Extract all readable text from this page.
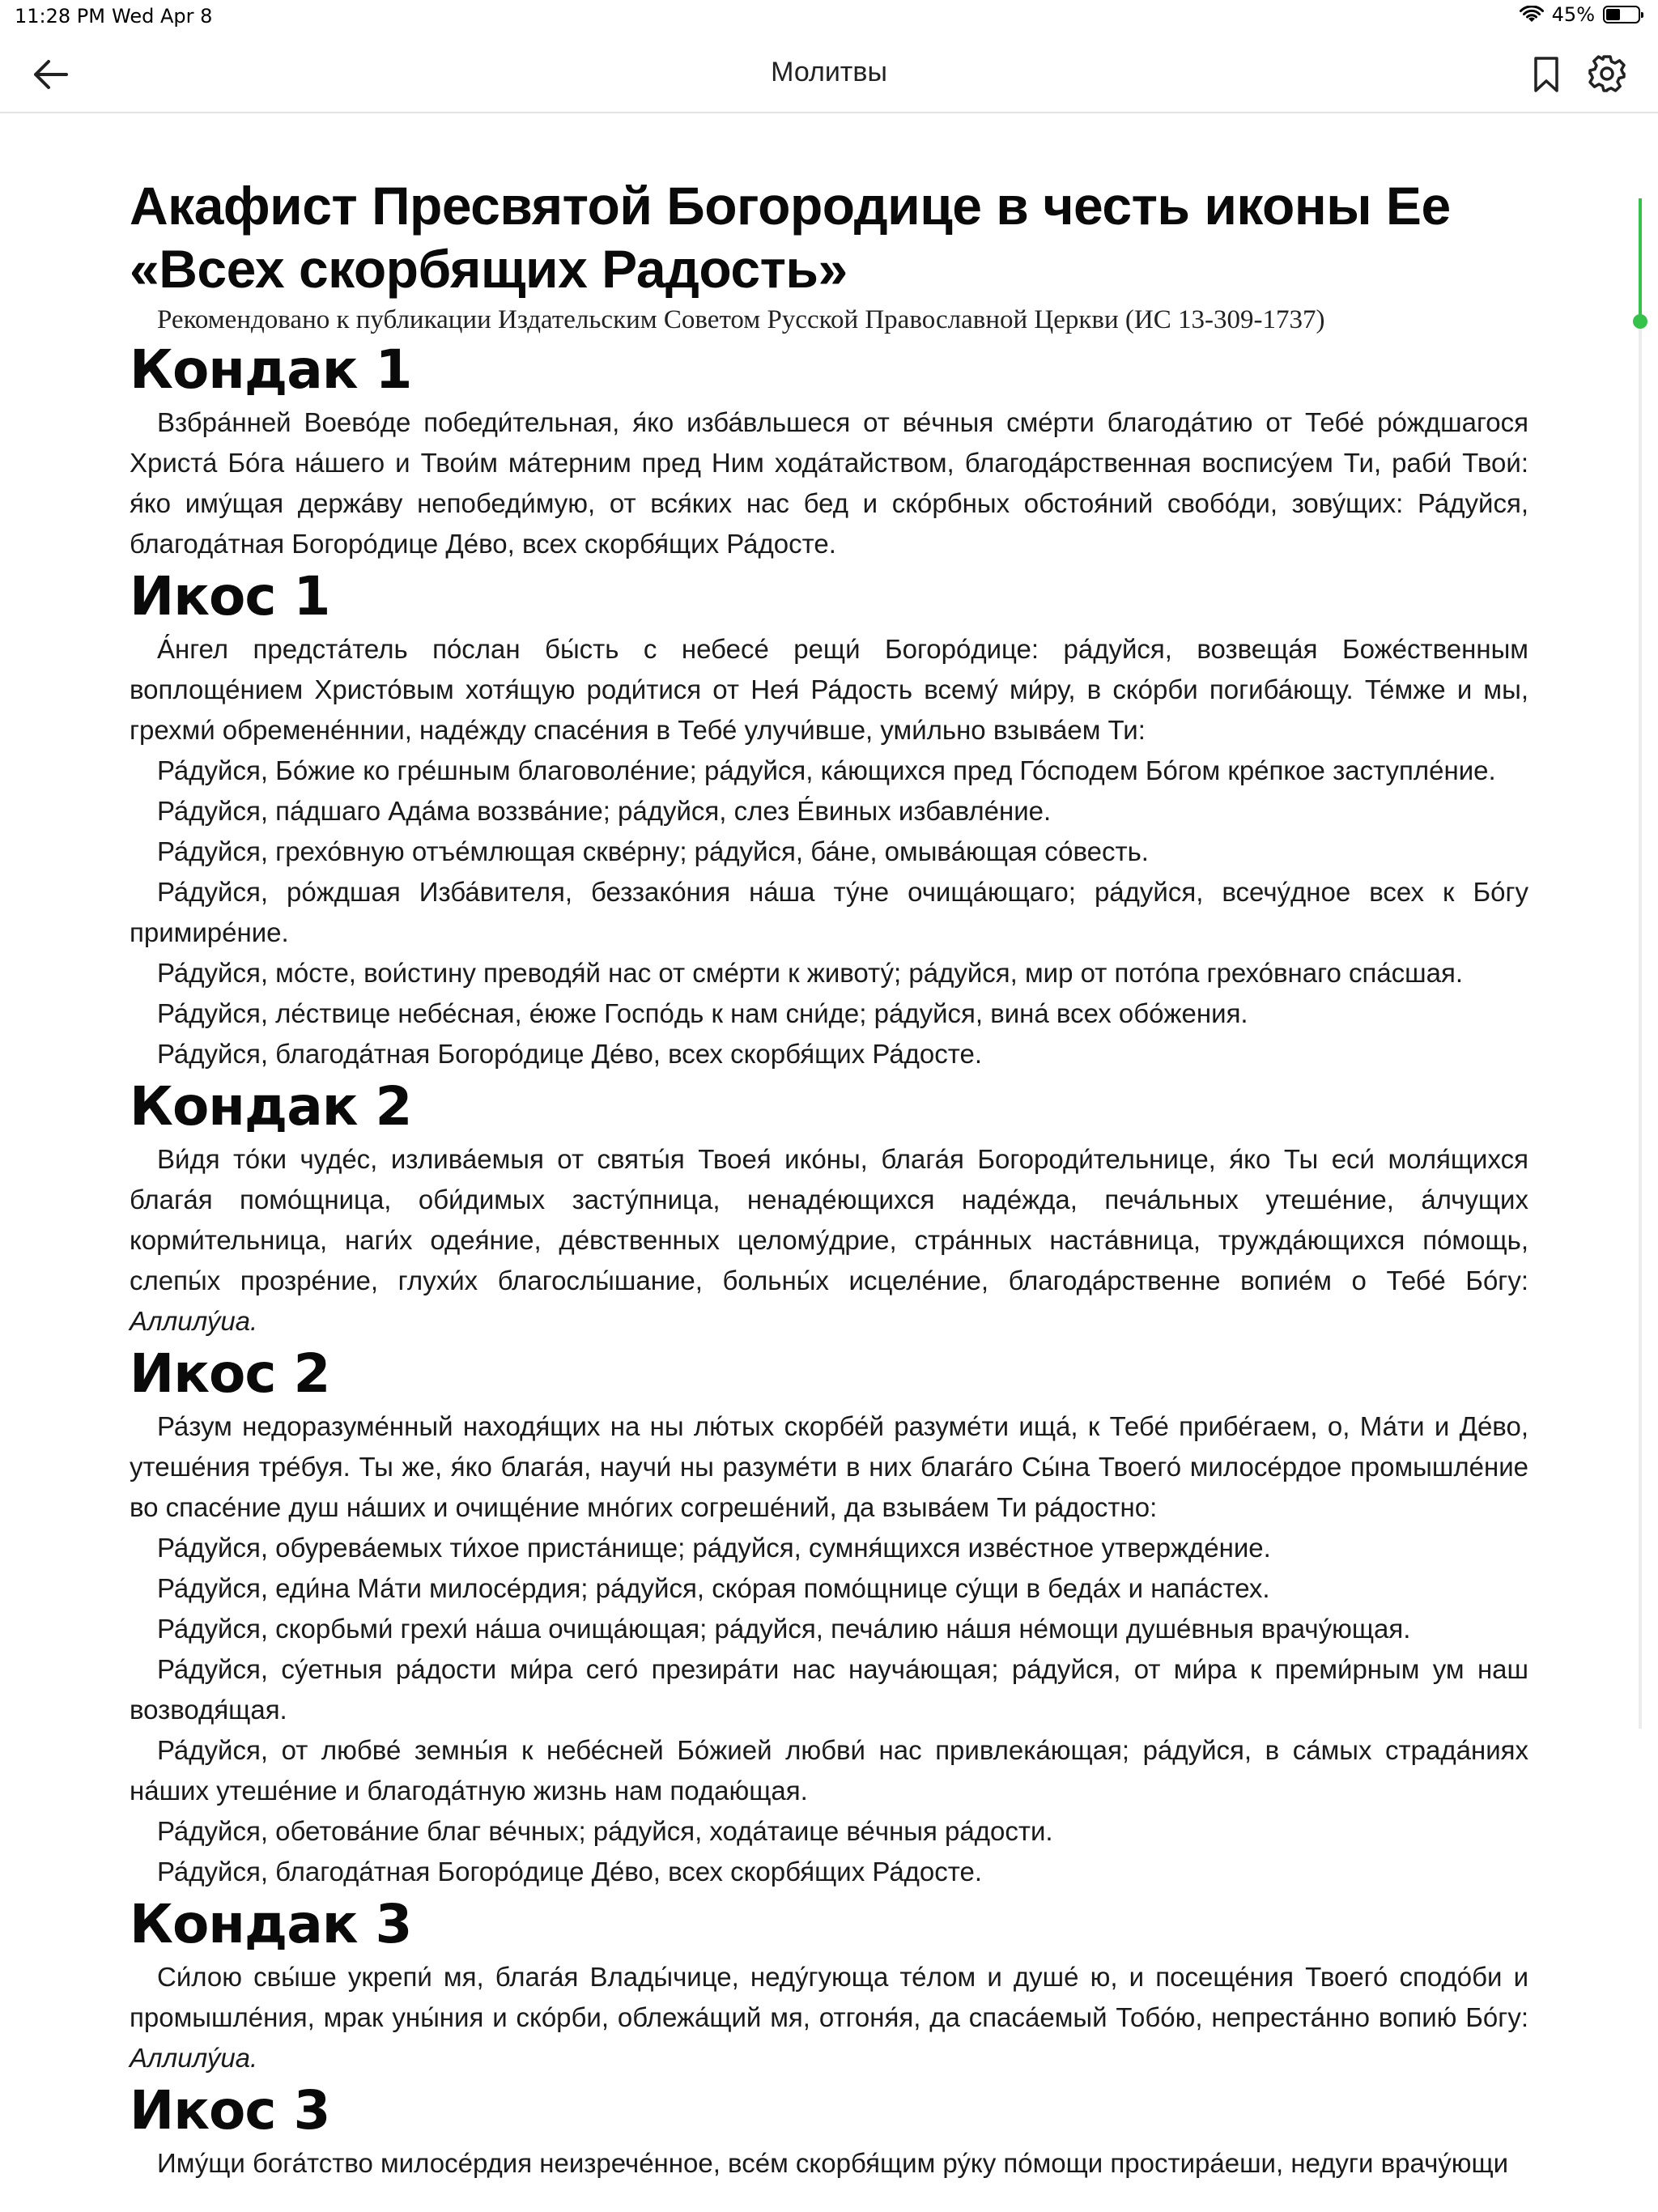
11:28 PM Wed Apr 8	45%
Молитвы
Акафист Пресвятой Богородице в честь иконы Ее «Всех скорбящих Радость»

Рекомендовано к публикации Издательским Советом Русской Православной Церкви (ИС 13-309-1737)

Кондак 1

Взбра́нней Воево́де победи́тельная, я́ко изба́вльшеся от ве́чныя сме́рти благода́тию от Тебе́ ро́ждшагося Христа́ Бо́га на́шего и Твои́м ма́терним пред Ним хода́тайством, благода́рственная воспису́ем Ти, раби́ Твои́: я́ко иму́щая держа́ву непобеди́мую, от вся́ких нас бед и ско́рбных обстоя́ний свобо́ди, зову́щих: Ра́дуйся, благода́тная Богоро́дице Де́во, всех скорбя́щих Ра́досте.

Икос 1

А́нгел предста́тель по́слан бы́сть с небесе́ рещи́ Богоро́дице: ра́дуйся, возвеща́я Боже́ственным воплоще́нием Христо́вым хотя́щую роди́тися от Нея́ Ра́дость всему́ ми́ру, в ско́рби погиба́ющу. Те́мже и мы, грехми́ обремене́ннии, наде́жду спасе́ния в Тебе́ улучи́вше, уми́льно взыва́ем Ти:

Ра́дуйся, Бо́жие ко гре́шным благоволе́ние; ра́дуйся, ка́ющихся пред Го́сподем Бо́гом кре́пкое заступле́ние.

Ра́дуйся, па́дшаго Ада́ма воззва́ние; ра́дуйся, слез Е́виных избавле́ние.

Ра́дуйся, грехо́вную отъе́млющая скве́рну; ра́дуйся, ба́не, омыва́ющая со́весть.

Ра́дуйся, ро́ждшая Изба́вителя, беззако́ния на́ша ту́не очища́ющаго; ра́дуйся, всечу́дное всех к Бо́гу примире́ние.

Ра́дуйся, мо́сте, вои́стину преводя́й нас от сме́рти к животу́; ра́дуйся, мир от пото́па грехо́внаго спа́сшая.

Ра́дуйся, ле́ствице небе́сная, е́юже Госпо́дь к нам сни́де; ра́дуйся, вина́ всех обо́жения.

Ра́дуйся, благода́тная Богоро́дице Де́во, всех скорбя́щих Ра́досте.

Кондак 2

Ви́дя то́ки чуде́с, излива́емыя от святы́я Твоея́ ико́ны, блага́я Богороди́тельнице, я́ко Ты еси́ моля́щихся блага́я помо́щница, оби́димых засту́пница, ненаде́ющихся наде́жда, печа́льных утеше́ние, а́лчущих корми́тельница, наги́х одея́ние, де́вственных целому́дрие, стра́нных наста́вница, тружда́ющихся по́мощь, слепы́х прозре́ние, глухи́х благослы́шание, больны́х исцеле́ние, благода́рственне вопие́м о Тебе́ Бо́гу: Аллилу́иа.

Икос 2

Ра́зум недоразуме́нный находя́щих на ны лю́тых скорбе́й разуме́ти ища́, к Тебе́ прибе́гаем, о, Ма́ти и Де́во, утеше́ния тре́буя. Ты же, я́ко блага́я, научи́ ны разуме́ти в них блага́го Сы́на Твоего́ милосе́рдое промышле́ние во спасе́ние душ на́ших и очище́ние мно́гих согреше́ний, да взыва́ем Ти ра́достно:

Ра́дуйся, обурева́емых ти́хое приста́нище; ра́дуйся, сумня́щихся изве́стное утвержде́ние.

Ра́дуйся, еди́на Ма́ти милосе́рдия; ра́дуйся, ско́рая помо́щнице су́щи в беда́х и напа́стех.

Ра́дуйся, скорбьми́ грехи́ на́ша очища́ющая; ра́дуйся, печа́лию на́шя не́мощи душе́вныя врачу́ющая.

Ра́дуйся, су́етныя ра́дости ми́ра сего́ презира́ти нас науча́ющая; ра́дуйся, от ми́ра к преми́рным ум наш возводя́щая.

Ра́дуйся, от любве́ земны́я к небе́сней Бо́жией любви́ нас привлека́ющая; ра́дуйся, в са́мых страда́ниях на́ших утеше́ние и благода́тную жизнь нам подаю́щая.

Ра́дуйся, обетова́ние благ ве́чных; ра́дуйся, хода́таице ве́чныя ра́дости.

Ра́дуйся, благода́тная Богоро́дице Де́во, всех скорбя́щих Ра́досте.

Кондак 3

Си́лою свы́ше укрепи́ мя, блага́я Влады́чице, неду́гующа те́лом и душе́ ю, и посеще́ния Твоего́ сподо́би и промышле́ния, мрак уны́ния и ско́рби, облежа́щий мя, отгоня́я, да спаса́емый Тобо́ю, непреста́нно вопию́ Бо́гу: Аллилу́иа.

Икос 3

Иму́щи бога́тство милосе́рдия неизрече́нное, все́м скорбя́щим ру́ку по́мощи простира́еши, недуги врачу́ющи
